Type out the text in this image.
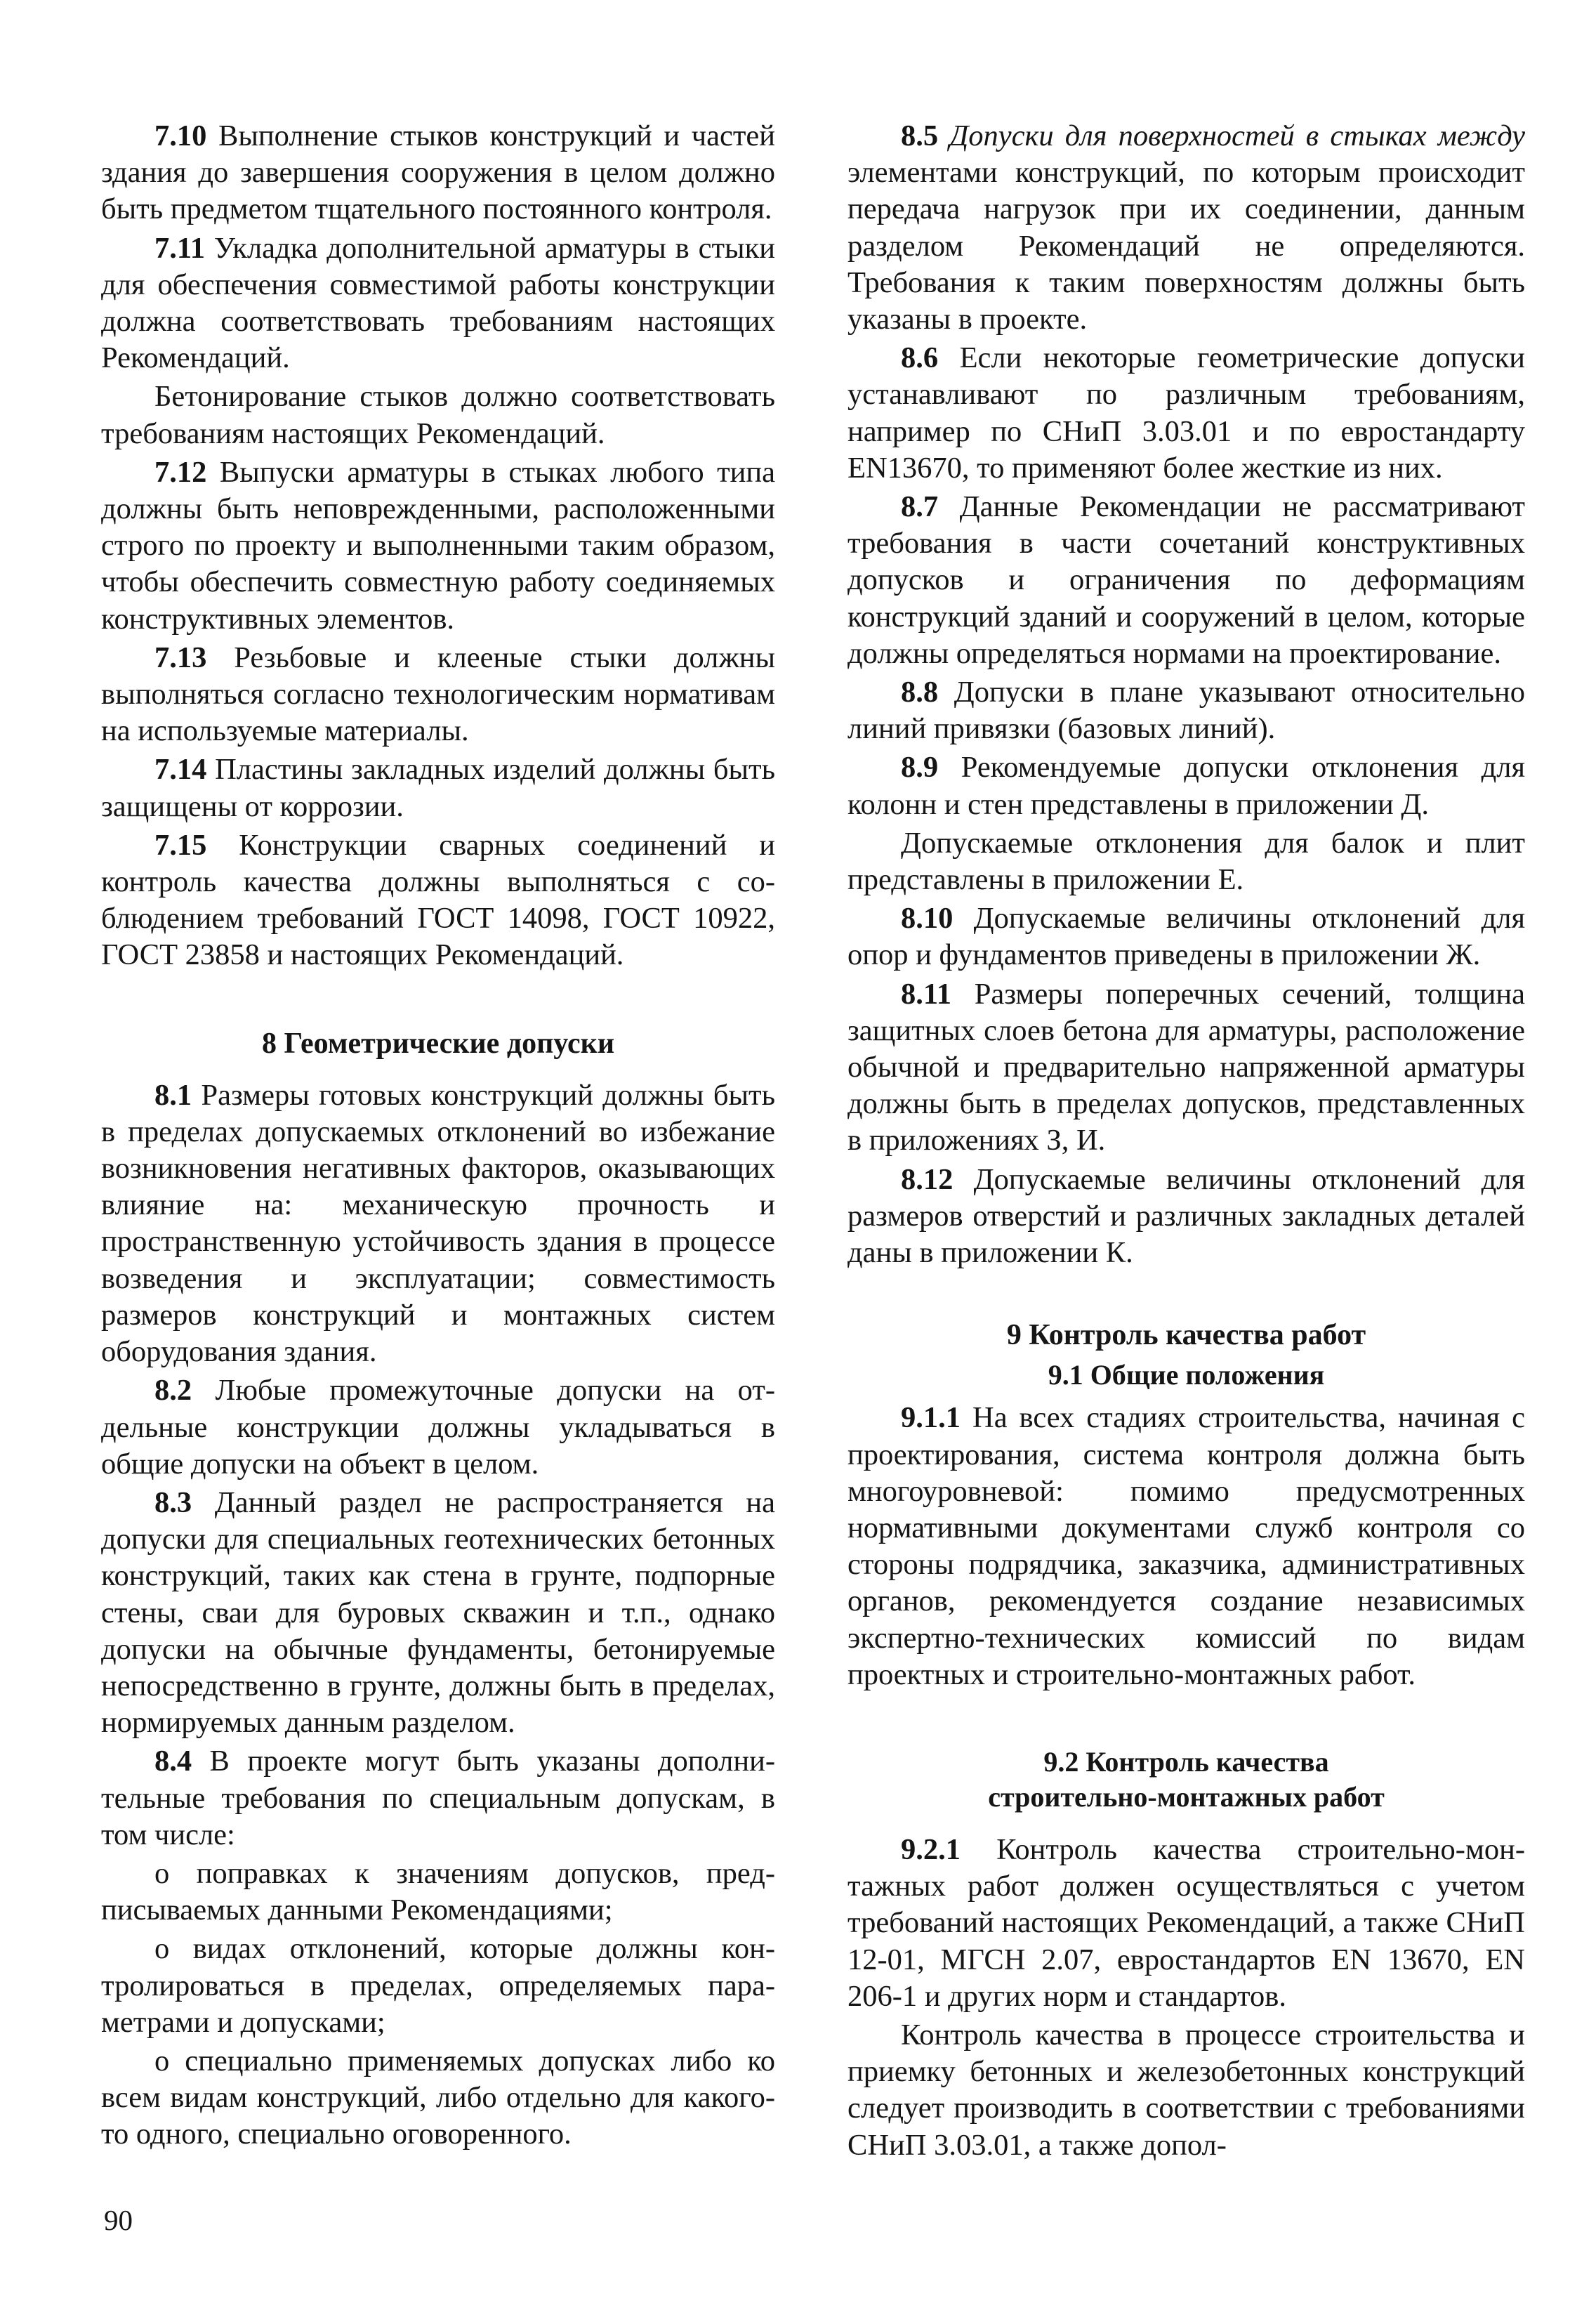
7.10 Выполнение стыков конструкций и частей здания до завершения сооружения в целом должно быть предметом тщательного постоянного контроля.

7.11 Укладка дополнительной арматуры в стыки для обеспечения совместимой работы конструкции должна соответствовать требованиям настоящих Рекомендаций.

Бетонирование стыков должно соответствовать требованиям настоящих Рекомендаций.

7.12 Выпуски арматуры в стыках любого типа должны быть неповрежденными, расположенными строго по проекту и выполненными таким образом, чтобы обеспечить совместную работу соединяемых конструктивных элементов.

7.13 Резьбовые и клееные стыки должны выполняться согласно технологическим нормативам на используемые материалы.

7.14 Пластины закладных изделий должны быть защищены от коррозии.

7.15 Конструкции сварных соединений и контроль качества должны выполняться с соблюдением требований ГОСТ 14098, ГОСТ 10922, ГОСТ 23858 и настоящих Рекомендаций.

8 Геометрические допуски

8.1 Размеры готовых конструкций должны быть в пределах допускаемых отклонений во избежание возникновения негативных факторов, оказывающих влияние на: механическую прочность и пространственную устойчивость здания в процессе возведения и эксплуатации; совместимость размеров конструкций и монтажных систем оборудования здания.

8.2 Любые промежуточные допуски на отдельные конструкции должны укладываться в общие допуски на объект в целом.

8.3 Данный раздел не распространяется на допуски для специальных геотехнических бетонных конструкций, таких как стена в грунте, подпорные стены, сваи для буровых скважин и т.п., однако допуски на обычные фундаменты, бетонируемые непосредственно в грунте, должны быть в пределах, нормируемых данным разделом.

8.4 В проекте могут быть указаны дополнительные требования по специальным допускам, в том числе:

о поправках к значениям допусков, предписываемых данными Рекомендациями;

о видах отклонений, которые должны контролироваться в пределах, определяемых параметрами и допусками;

о специально применяемых допусках либо ко всем видам конструкций, либо отдельно для какого-то одного, специально оговоренного.

8.5 Допуски для поверхностей в стыках между элементами конструкций, по которым происходит передача нагрузок при их соединении, данным разделом Рекомендаций не определяются. Требования к таким поверхностям должны быть указаны в проекте.

8.6 Если некоторые геометрические допуски устанавливают по различным требованиям, например по СНиП 3.03.01 и по евростандарту EN13670, то применяют более жесткие из них.

8.7 Данные Рекомендации не рассматривают требования в части сочетаний конструктивных допусков и ограничения по деформациям конструкций зданий и сооружений в целом, которые должны определяться нормами на проектирование.

8.8 Допуски в плане указывают относительно линий привязки (базовых линий).

8.9 Рекомендуемые допуски отклонения для колонн и стен представлены в приложении Д.

Допускаемые отклонения для балок и плит представлены в приложении Е.

8.10 Допускаемые величины отклонений для опор и фундаментов приведены в приложении Ж.

8.11 Размеры поперечных сечений, толщина защитных слоев бетона для арматуры, расположение обычной и предварительно напряженной арматуры должны быть в пределах допусков, представленных в приложениях З, И.

8.12 Допускаемые величины отклонений для размеров отверстий и различных закладных деталей даны в приложении К.

9 Контроль качества работ
9.1 Общие положения

9.1.1 На всех стадиях строительства, начиная с проектирования, система контроля должна быть многоуровневой: помимо предусмотренных нормативными документами служб контроля со стороны подрядчика, заказчика, административных органов, рекомендуется создание независимых экспертно-технических комиссий по видам проектных и строительно-монтажных работ.

9.2 Контроль качества
строительно-монтажных работ

9.2.1 Контроль качества строительно-монтажных работ должен осуществляться с учетом требований настоящих Рекомендаций, а также СНиП 12-01, МГСН 2.07, евростандартов EN 13670, EN 206-1 и других норм и стандартов.

Контроль качества в процессе строительства и приемку бетонных и железобетонных конструкций следует производить в соответствии с требованиями СНиП 3.03.01, а также допол-

90
